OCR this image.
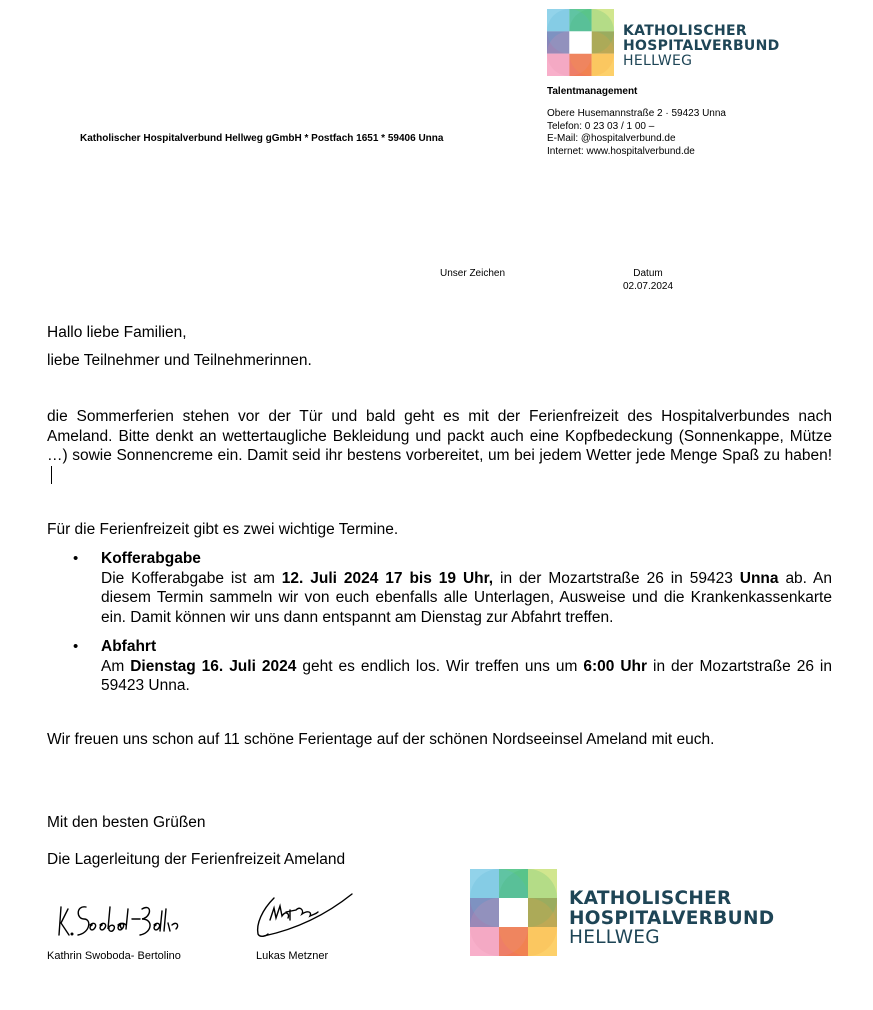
KATHOLISCHER
HOSPITALVERBUND
HELLWEG
Talentmanagement
Obere Husemannstraße 2 · 59423 Unna
Telefon: 0 23 03 / 1 00 –
E-Mail: @hospitalverbund.de
Internet: www.hospitalverbund.de
Katholischer Hospitalverbund Hellweg gGmbH * Postfach 1651 * 59406 Unna
Unser Zeichen	Datum
02.07.2024
Hallo liebe Familien,
liebe Teilnehmer und Teilnehmerinnen.
die Sommerferien stehen vor der Tür und bald geht es mit der Ferienfreizeit des Hospitalverbundes nach Ameland. Bitte denkt an wettertaugliche Bekleidung und packt auch eine Kopfbedeckung (Sonnenkappe, Mütze …) sowie Sonnencreme ein. Damit seid ihr bestens vorbereitet, um bei jedem Wetter jede Menge Spaß zu haben!
Für die Ferienfreizeit gibt es zwei wichtige Termine.
• Kofferabgabe
Die Kofferabgabe ist am 12. Juli 2024 17 bis 19 Uhr, in der Mozartstraße 26 in 59423 Unna ab. An diesem Termin sammeln wir von euch ebenfalls alle Unterlagen, Ausweise und die Krankenkassenkarte ein. Damit können wir uns dann entspannt am Dienstag zur Abfahrt treffen.
• Abfahrt
Am Dienstag 16. Juli 2024 geht es endlich los. Wir treffen uns um 6:00 Uhr in der Mozartstraße 26 in 59423 Unna.
Wir freuen uns schon auf 11 schöne Ferientage auf der schönen Nordseeinsel Ameland mit euch.
Mit den besten Grüßen
Die Lagerleitung der Ferienfreizeit Ameland
Kathrin Swoboda- Bertolino	Lukas Metzner
KATHOLISCHER
HOSPITALVERBUND
HELLWEG
